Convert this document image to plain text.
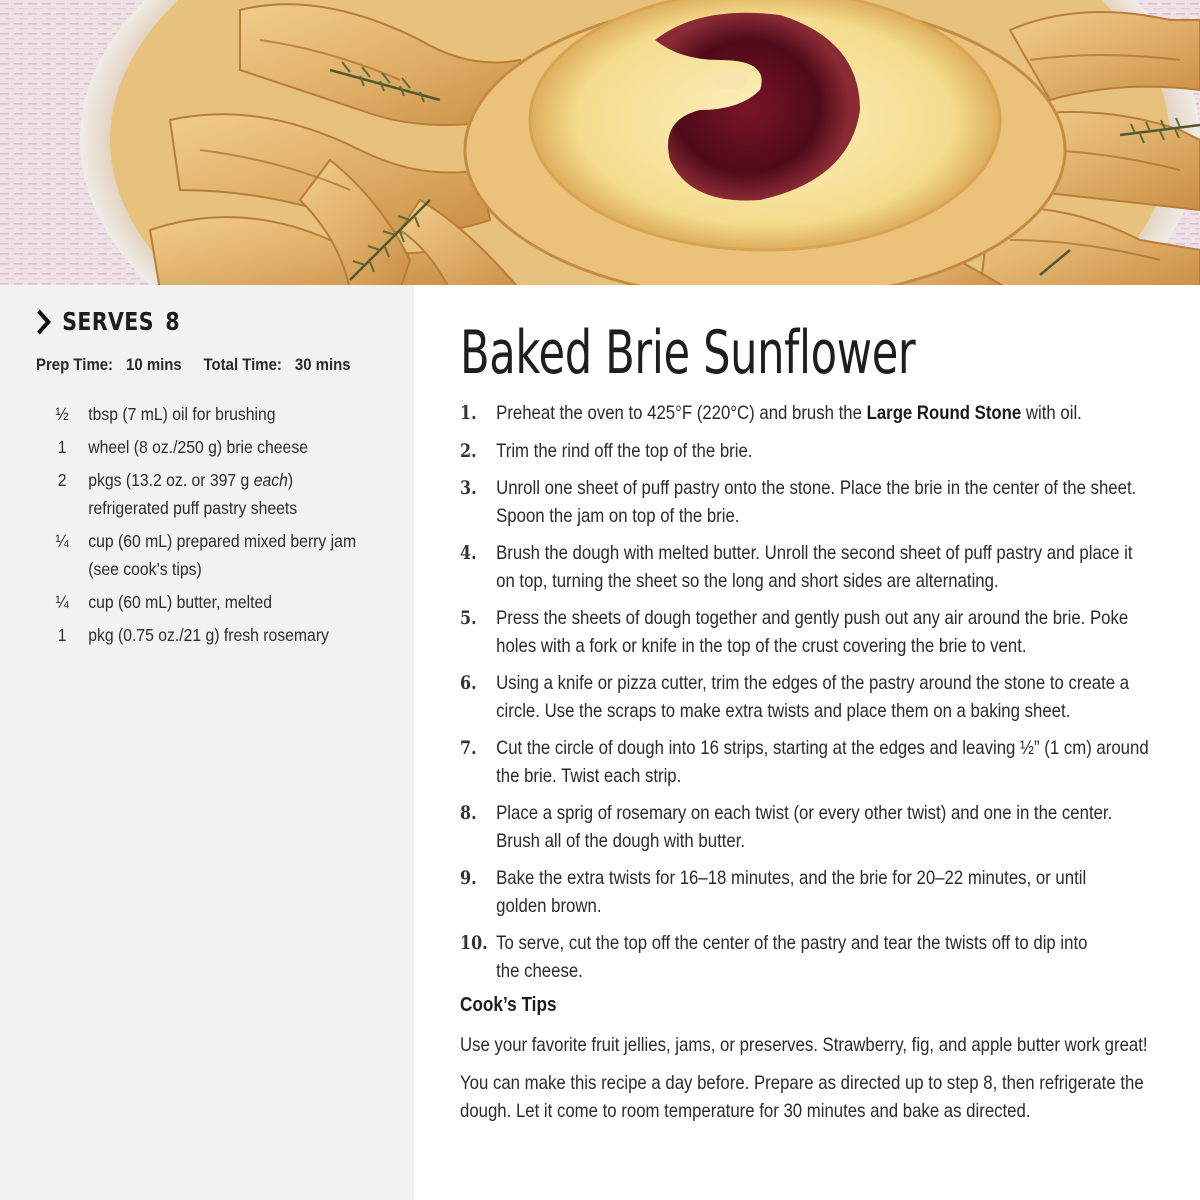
SERVES 8
Prep Time: 10 mins Total Time: 30 mins
½	tbsp (7 mL) oil for brushing
1	wheel (8 oz./250 g) brie cheese
2	pkgs (13.2 oz. or 397 g each) refrigerated puff pastry sheets
¼	cup (60 mL) prepared mixed berry jam (see cook’s tips)
¼	cup (60 mL) butter, melted
1	pkg (0.75 oz./21 g) fresh rosemary
Baked Brie Sunflower
1. Preheat the oven to 425°F (220°C) and brush the Large Round Stone with oil.
2. Trim the rind off the top of the brie.
3. Unroll one sheet of puff pastry onto the stone. Place the brie in the center of the sheet.
Spoon the jam on top of the brie.
4. Brush the dough with melted butter. Unroll the second sheet of puff pastry and place it on top, turning the sheet so the long and short sides are alternating.
5. Press the sheets of dough together and gently push out any air around the brie. Poke holes with a fork or knife in the top of the crust covering the brie to vent.
6. Using a knife or pizza cutter, trim the edges of the pastry around the stone to create a circle. Use the scraps to make extra twists and place them on a baking sheet.
7. Cut the circle of dough into 16 strips, starting at the edges and leaving ½” (1 cm) around
the brie. Twist each strip.
8. Place a sprig of rosemary on each twist (or every other twist) and one in the center.
Brush all of the dough with butter.
9. Bake the extra twists for 16–18 minutes, and the brie for 20–22 minutes, or until
golden brown.
10. To serve, cut the top off the center of the pastry and tear the twists off to dip into
the cheese.
Cook’s Tips

Use your favorite fruit jellies, jams, or preserves. Strawberry, fig, and apple butter work great!

You can make this recipe a day before. Prepare as directed up to step 8, then refrigerate the dough. Let it come to room temperature for 30 minutes and bake as directed.
